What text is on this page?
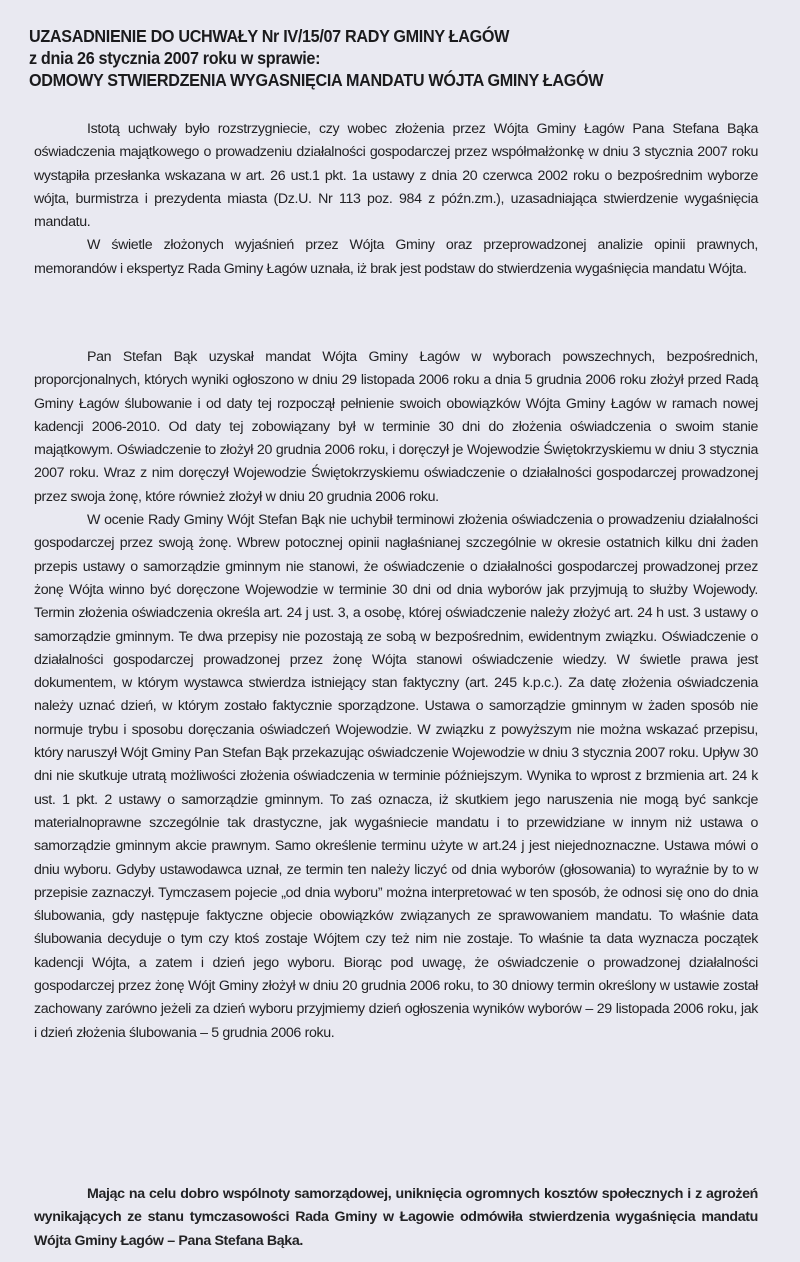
UZASADNIENIE DO UCHWAŁY Nr IV/15/07 RADY GMINY ŁAGÓW
z dnia 26 stycznia 2007 roku w sprawie:
ODMOWY STWIERDZENIA WYGASNIĘCIA MANDATU WÓJTA GMINY ŁAGÓW

Istotą uchwały było rozstrzygniecie, czy wobec złożenia przez Wójta Gminy Łagów Pana Stefana Bąka oświadczenia majątkowego o prowadzeniu działalności gospodarczej przez współmałżonkę w dniu 3 stycznia 2007 roku wystąpiła przesłanka wskazana w art. 26 ust.1 pkt. 1a ustawy z dnia 20 czerwca 2002 roku o bezpośrednim wyborze wójta, burmistrza i prezydenta miasta (Dz.U. Nr 113 poz. 984 z późn.zm.), uzasadniająca stwierdzenie wygaśnięcia mandatu.

W świetle złożonych wyjaśnień przez Wójta Gminy oraz przeprowadzonej analizie opinii prawnych, memorandów i ekspertyz Rada Gminy Łagów uznała, iż brak jest podstaw do stwierdzenia wygaśnięcia mandatu Wójta.

Pan Stefan Bąk uzyskał mandat Wójta Gminy Łagów w wyborach powszechnych, bezpośrednich, proporcjonalnych, których wyniki ogłoszono w dniu 29 listopada 2006 roku a dnia 5 grudnia 2006 roku złożył przed Radą Gminy Łagów ślubowanie i od daty tej rozpoczął pełnienie swoich obowiązków Wójta Gminy Łagów w ramach nowej kadencji 2006-2010. Od daty tej zobowiązany był w terminie 30 dni do złożenia oświadczenia o swoim stanie majątkowym. Oświadczenie to złożył 20 grudnia 2006 roku, i doręczył je Wojewodzie Świętokrzyskiemu w dniu 3 stycznia 2007 roku. Wraz z nim doręczył Wojewodzie Świętokrzyskiemu oświadczenie o działalności gospodarczej prowadzonej przez swoja żonę, które również złożył w dniu 20 grudnia 2006 roku.

W ocenie Rady Gminy Wójt Stefan Bąk nie uchybił terminowi złożenia oświadczenia o prowadzeniu działalności gospodarczej przez swoją żonę. Wbrew potocznej opinii nagłaśnianej szczególnie w okresie ostatnich kilku dni żaden przepis ustawy o samorządzie gminnym nie stanowi, że oświadczenie o działalności gospodarczej prowadzonej przez żonę Wójta winno być doręczone Wojewodzie w terminie 30 dni od dnia wyborów jak przyjmują to służby Wojewody. Termin złożenia oświadczenia określa art. 24 j ust. 3, a osobę, której oświadczenie należy złożyć art. 24 h ust. 3 ustawy o samorządzie gminnym. Te dwa przepisy nie pozostają ze sobą w bezpośrednim, ewidentnym związku. Oświadczenie o działalności gospodarczej prowadzonej przez żonę Wójta stanowi oświadczenie wiedzy. W świetle prawa jest dokumentem, w którym wystawca stwierdza istniejący stan faktyczny (art. 245 k.p.c.). Za datę złożenia oświadczenia należy uznać dzień, w którym zostało faktycznie sporządzone. Ustawa o samorządzie gminnym w żaden sposób nie normuje trybu i sposobu doręczania oświadczeń Wojewodzie. W związku z powyższym nie można wskazać przepisu, który naruszył Wójt Gminy Pan Stefan Bąk przekazując oświadczenie Wojewodzie w dniu 3 stycznia 2007 roku. Upływ 30 dni nie skutkuje utratą możliwości złożenia oświadczenia w terminie późniejszym. Wynika to wprost z brzmienia art. 24 k ust. 1 pkt. 2 ustawy o samorządzie gminnym. To zaś oznacza, iż skutkiem jego naruszenia nie mogą być sankcje materialnoprawne szczególnie tak drastyczne, jak wygaśniecie mandatu i to przewidziane w innym niż ustawa o samorządzie gminnym akcie prawnym. Samo określenie terminu użyte w art.24 j jest niejednoznaczne. Ustawa mówi o dniu wyboru. Gdyby ustawodawca uznał, ze termin ten należy liczyć od dnia wyborów (głosowania) to wyraźnie by to w przepisie zaznaczył. Tymczasem pojecie „od dnia wyboru” można interpretować w ten sposób, że odnosi się ono do dnia ślubowania, gdy następuje faktyczne objecie obowiązków związanych ze sprawowaniem mandatu. To właśnie data ślubowania decyduje o tym czy ktoś zostaje Wójtem czy też nim nie zostaje. To właśnie ta data wyznacza początek kadencji Wójta, a zatem i dzień jego wyboru. Biorąc pod uwagę, że oświadczenie o prowadzonej działalności gospodarczej przez żonę Wójt Gminy złożył w dniu 20 grudnia 2006 roku, to 30 dniowy termin określony w ustawie został zachowany zarówno jeżeli za dzień wyboru przyjmiemy dzień ogłoszenia wyników wyborów – 29 listopada 2006 roku, jak i dzień złożenia ślubowania – 5 grudnia 2006 roku.

Mając na celu dobro wspólnoty samorządowej, uniknięcia ogromnych kosztów społecznych i z agrożeń wynikających ze stanu tymczasowości Rada Gminy w Łagowie odmówiła stwierdzenia wygaśnięcia mandatu Wójta Gminy Łagów – Pana Stefana Bąka.
